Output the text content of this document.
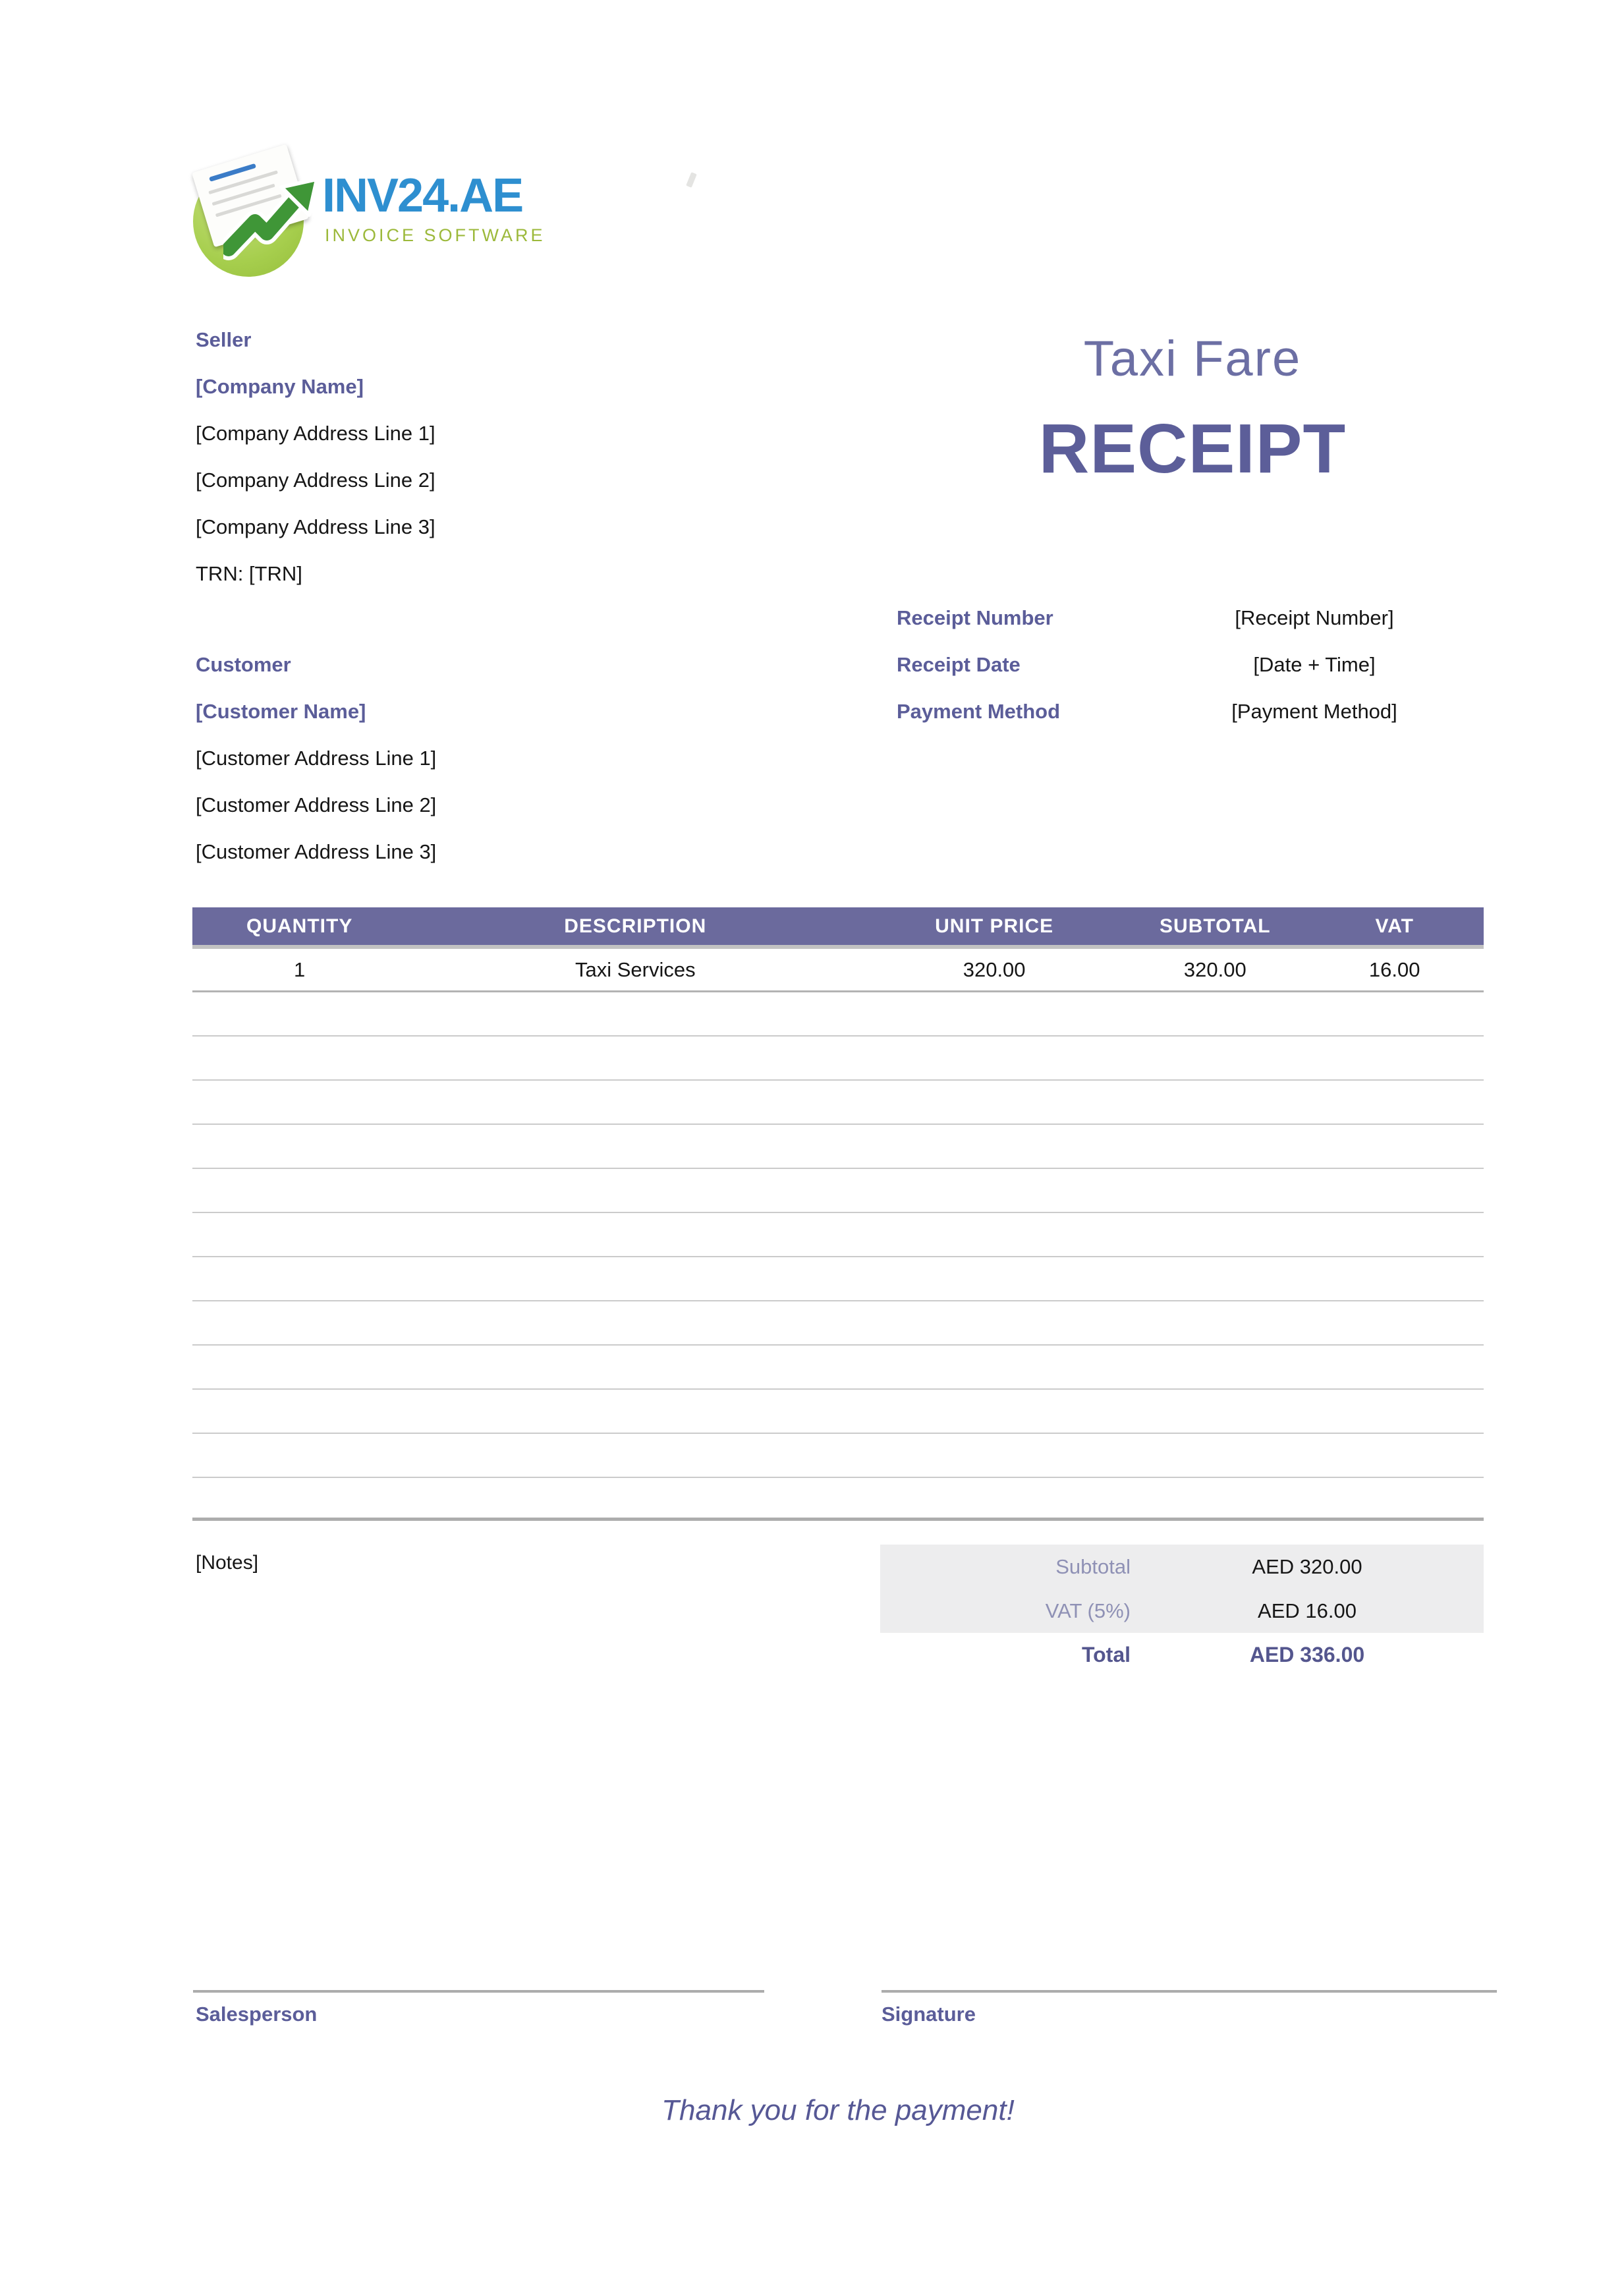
INV24.AE
INVOICE SOFTWARE
Seller
[Company Name]
[Company Address Line 1]
[Company Address Line 2]
[Company Address Line 3]
TRN: [TRN]
Taxi Fare
RECEIPT
Receipt Number	[Receipt Number]
Receipt Date	[Date + Time]
Payment Method	[Payment Method]
Customer
[Customer Name]
[Customer Address Line 1]
[Customer Address Line 2]
[Customer Address Line 3]
QUANTITY	DESCRIPTION	UNIT PRICE	SUBTOTAL	VAT
1	Taxi Services	320.00	320.00	16.00
[Notes]	Subtotal	AED 320.00
VAT (5%)	AED 16.00
Total	AED 336.00
Salesperson	Signature
Thank you for the payment!
